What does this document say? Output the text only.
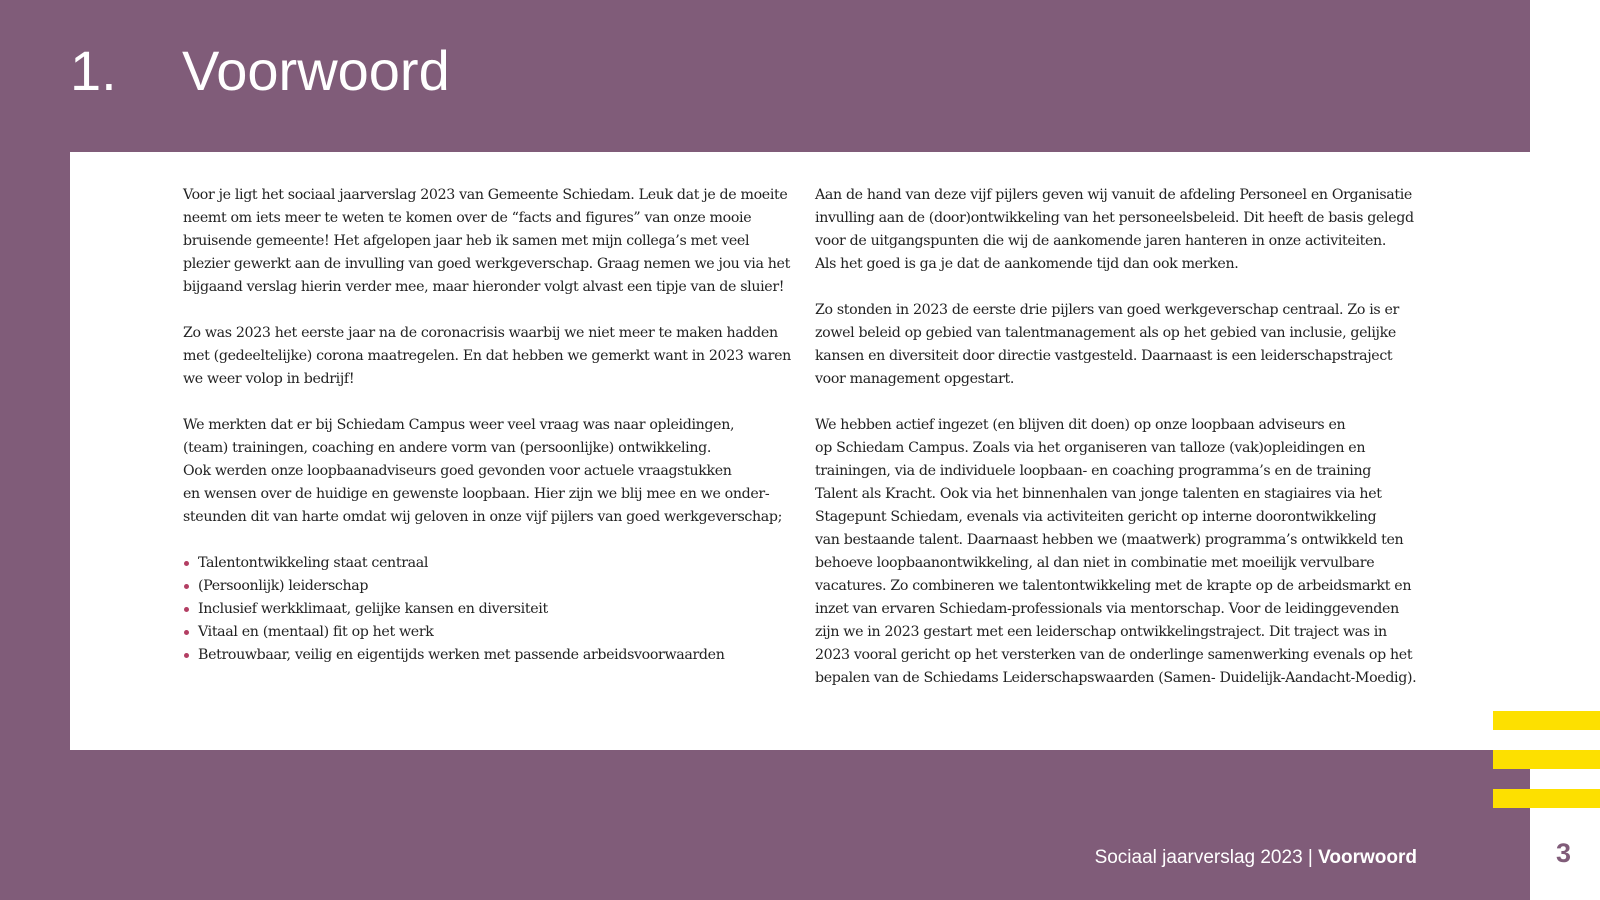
1. Voorwoord

Voor je ligt het sociaal jaarverslag 2023 van Gemeente Schiedam. Leuk dat je de moeite
neemt om iets meer te weten te komen over de “facts and figures” van onze mooie
bruisende gemeente! Het afgelopen jaar heb ik samen met mijn collega’s met veel
plezier gewerkt aan de invulling van goed werkgeverschap. Graag nemen we jou via het
bijgaand verslag hierin verder mee, maar hieronder volgt alvast een tipje van de sluier!

Zo was 2023 het eerste jaar na de coronacrisis waarbij we niet meer te maken hadden
met (gedeeltelijke) corona maatregelen. En dat hebben we gemerkt want in 2023 waren
we weer volop in bedrijf!

We merkten dat er bij Schiedam Campus weer veel vraag was naar opleidingen,
(team) trainingen, coaching en andere vorm van (persoonlijke) ontwikkeling.
Ook werden onze loopbaanadviseurs goed gevonden voor actuele vraagstukken
en wensen over de huidige en gewenste loopbaan. Hier zijn we blij mee en we onder-
steunden dit van harte omdat wij geloven in onze vijf pijlers van goed werkgeverschap;

Talentontwikkeling staat centraal
(Persoonlijk) leiderschap
Inclusief werkklimaat, gelijke kansen en diversiteit
Vitaal en (mentaal) fit op het werk
Betrouwbaar, veilig en eigentijds werken met passende arbeidsvoorwaarden

Aan de hand van deze vijf pijlers geven wij vanuit de afdeling Personeel en Organisatie
invulling aan de (door)ontwikkeling van het personeelsbeleid. Dit heeft de basis gelegd
voor de uitgangspunten die wij de aankomende jaren hanteren in onze activiteiten.
Als het goed is ga je dat de aankomende tijd dan ook merken.

Zo stonden in 2023 de eerste drie pijlers van goed werkgeverschap centraal. Zo is er
zowel beleid op gebied van talentmanagement als op het gebied van inclusie, gelijke
kansen en diversiteit door directie vastgesteld. Daarnaast is een leiderschapstraject
voor management opgestart.

We hebben actief ingezet (en blijven dit doen) op onze loopbaan adviseurs en
op Schiedam Campus. Zoals via het organiseren van talloze (vak)opleidingen en
trainingen, via de individuele loopbaan- en coaching programma’s en de training
Talent als Kracht. Ook via het binnenhalen van jonge talenten en stagiaires via het
Stagepunt Schiedam, evenals via activiteiten gericht op interne doorontwikkeling
van bestaande talent. Daarnaast hebben we (maatwerk) programma’s ontwikkeld ten
behoeve loopbaanontwikkeling, al dan niet in combinatie met moeilijk vervulbare
vacatures. Zo combineren we talentontwikkeling met de krapte op de arbeidsmarkt en
inzet van ervaren Schiedam-professionals via mentorschap. Voor de leidinggevenden
zijn we in 2023 gestart met een leiderschap ontwikkelingstraject. Dit traject was in
2023 vooral gericht op het versterken van de onderlinge samenwerking evenals op het
bepalen van de Schiedams Leiderschapswaarden (Samen- Duidelijk-Aandacht-Moedig).

Sociaal jaarverslag 2023 | Voorwoord	3
